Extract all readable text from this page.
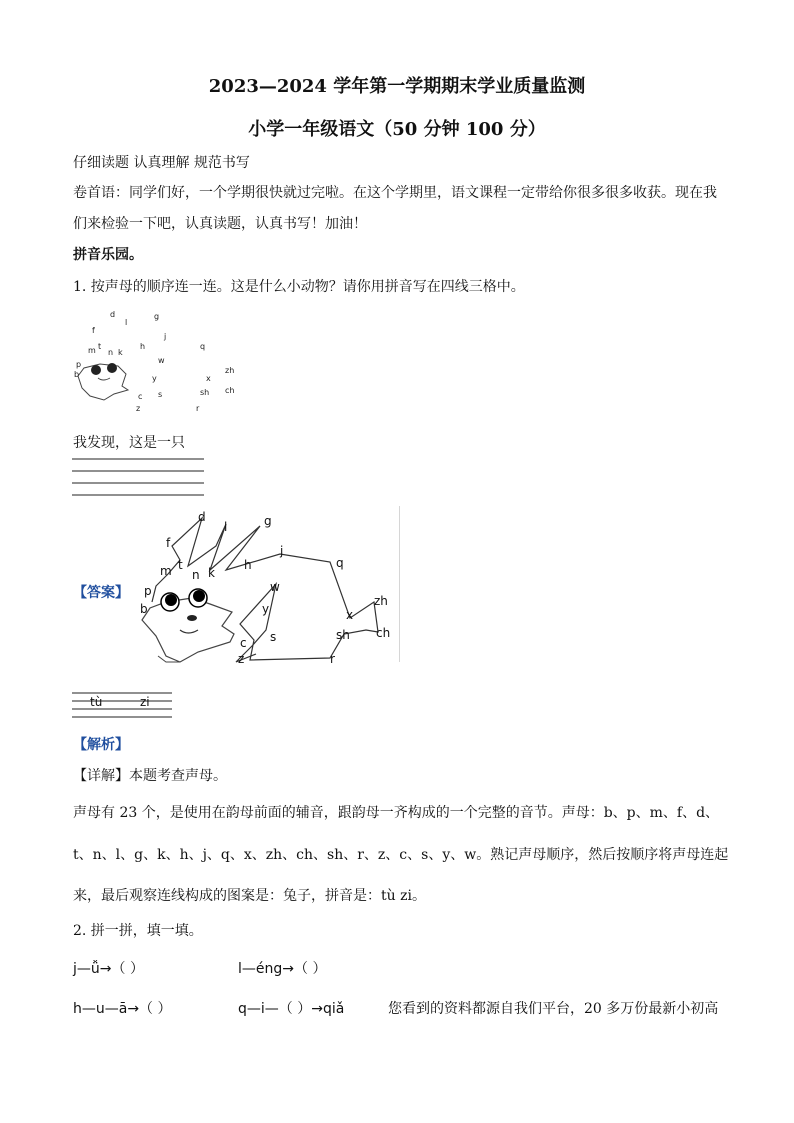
2023—2024 学年第一学期期末学业质量监测
小学一年级语文（50 分钟 100 分）
仔细读题 认真理解 规范书写
卷首语：同学们好，一个学期很快就过完啦。在这个学期里，语文课程一定带给你很多很多收获。现在我
们来检验一下吧，认真读题，认真书写！加油！
拼音乐园。
1. 按声母的顺序连一连。这是什么小动物？请你用拼音写在四线三格中。
d
l
g
f
j
t	h	q
m n k
zh
w
p
b	x
y
ch
sh
c s
z	r
我发现，这是一只
【答案】
d
l	g
f
j
t	h	q
m n k
zh
w
p
b	x
y
ch
sh
c s
z	r
tù	zi
【解析】
【详解】本题考查声母。
声母有 23 个，是使用在韵母前面的辅音，跟韵母一齐构成的一个完整的音节。声母：b、p、m、f、d、
t、n、l、g、k、h、j、q、x、zh、ch、sh、r、z、c、s、y、w。熟记声母顺序，然后按顺序将声母连起
来，最后观察连线构成的图案是：兔子，拼音是：tù zi。
2. 拼一拼，填一填。
j—ǚ→（ ）	l—éng→（ ）
h—u—ā→（ ）	q—i—（ ）→qiǎ	您看到的资料都源自我们平台，20 多万份最新小初高
